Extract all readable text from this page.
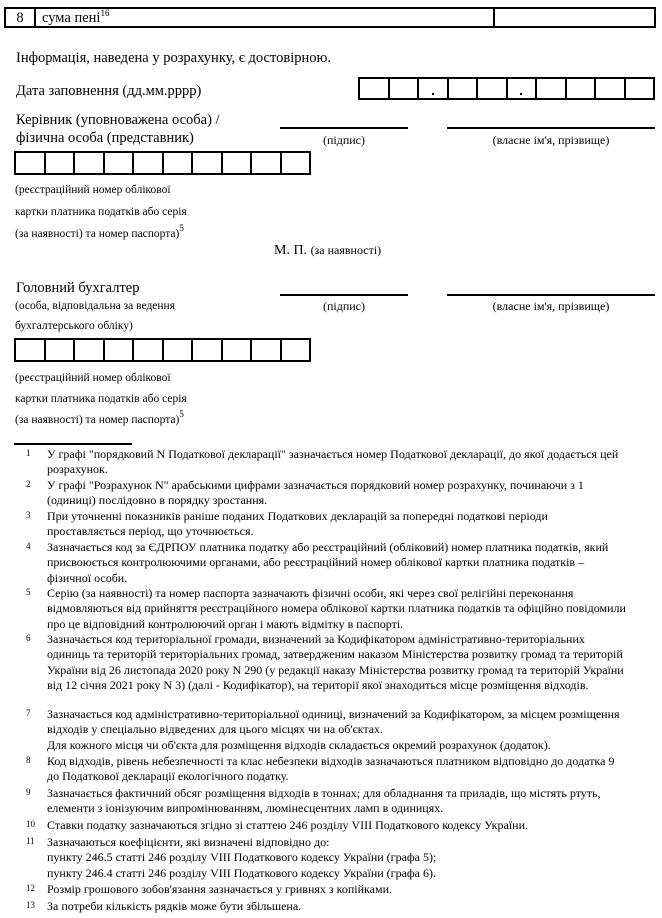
8	сума пені$^{16}$
Інформація, наведена у розрахунку, є достовірною.
Дата заповнення (дд.мм.рррр)
Керівник (уповноважена особа) /
фізична особа (представник)	(підпис)	(власне ім'я, прізвище)
(реєстраційний номер облікової
картки платника податків або серія
(за наявності) та номер паспорта)$^5$
М. П. (за наявності)
Головний бухгалтер
(особа, відповідальна за ведення
бухгалтерського обліку)
(підпис)	(власне ім'я, прізвище)
(реєстраційний номер облікової
картки платника податків або серія
(за наявності) та номер паспорта)$^5$
1 У графі "порядковий N Податкової декларації" зазначається номер Податкової декларації, до якої додається цей
розрахунок.
2 У графі "Розрахунок N" арабськими цифрами зазначається порядковий номер розрахунку, починаючи з 1
(одиниці) послідовно в порядку зростання.
3 При уточненні показників раніше поданих Податкових декларацій за попередні податкові періоди
проставляється період, що уточнюється.
4 Зазначається код за ЄДРПОУ платника податку або реєстраційний (обліковий) номер платника податків, який
присвоюється контролюючими органами, або реєстраційний номер облікової картки платника податків –
фізичної особи.
5 Серію (за наявності) та номер паспорта зазначають фізичні особи, які через свої релігійні переконання
відмовляються від прийняття реєстраційного номера облікової картки платника податків та офіційно повідомили
про це відповідний контролюючий орган і мають відмітку в паспорті.
6 Зазначається код територіальної громади, визначений за Кодифікатором адміністративно-територіальних
одиниць та територій територіальних громад, затвердженим наказом Міністерства розвитку громад та територій
України від 26 листопада 2020 року N 290 (у редакції наказу Міністерства розвитку громад та територій України
від 12 січня 2021 року N 3) (далі - Кодифікатор), на території якої знаходиться місце розміщення відходів.
7 Зазначається код адміністративно-територіальної одиниці, визначений за Кодифікатором, за місцем розміщення
відходів у спеціально відведених для цього місцях чи на об'єктах.
Для кожного місця чи об'єкта для розміщення відходів складається окремий розрахунок (додаток).
8 Код відходів, рівень небезпечності та клас небезпеки відходів зазначаються платником відповідно до додатка 9
до Податкової декларації екологічного податку.
9 Зазначається фактичний обсяг розміщення відходів в тоннах; для обладнання та приладів, що містять ртуть,
елементи з іонізуючим випромінюванням, люмінесцентних ламп в одиницях.
10 Ставки податку зазначаються згідно зі статтею 246 розділу VIII Податкового кодексу України.
11 Зазначаються коефіцієнти, які визначені відповідно до:
пункту 246.5 статті 246 розділу VIII Податкового кодексу України (графа 5);
пункту 246.4 статті 246 розділу VIII Податкового кодексу України (графа 6).
12 Розмір грошового зобов'язання зазначається у гривнях з копійками.
13 За потреби кількість рядків може бути збільшена.
